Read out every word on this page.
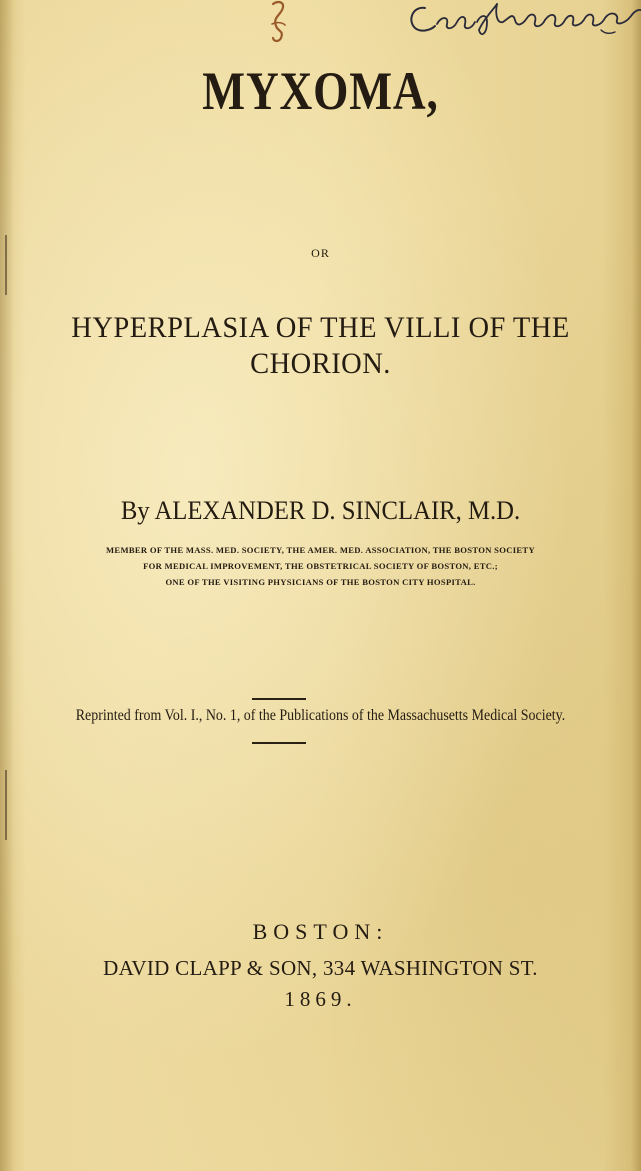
MYXOMA,
OR
HYPERPLASIA OF THE VILLI OF THE
CHORION.
By ALEXANDER D. SINCLAIR, M.D.
MEMBER OF THE MASS. MED. SOCIETY, THE AMER. MED. ASSOCIATION, THE BOSTON SOCIETY
FOR MEDICAL IMPROVEMENT, THE OBSTETRICAL SOCIETY OF BOSTON, ETC.;
ONE OF THE VISITING PHYSICIANS OF THE BOSTON CITY HOSPITAL.
Reprinted from Vol. I., No. 1, of the Publications of the Massachusetts Medical Society.
BOSTON:
DAVID CLAPP & SON, 334 WASHINGTON ST.
1869.
